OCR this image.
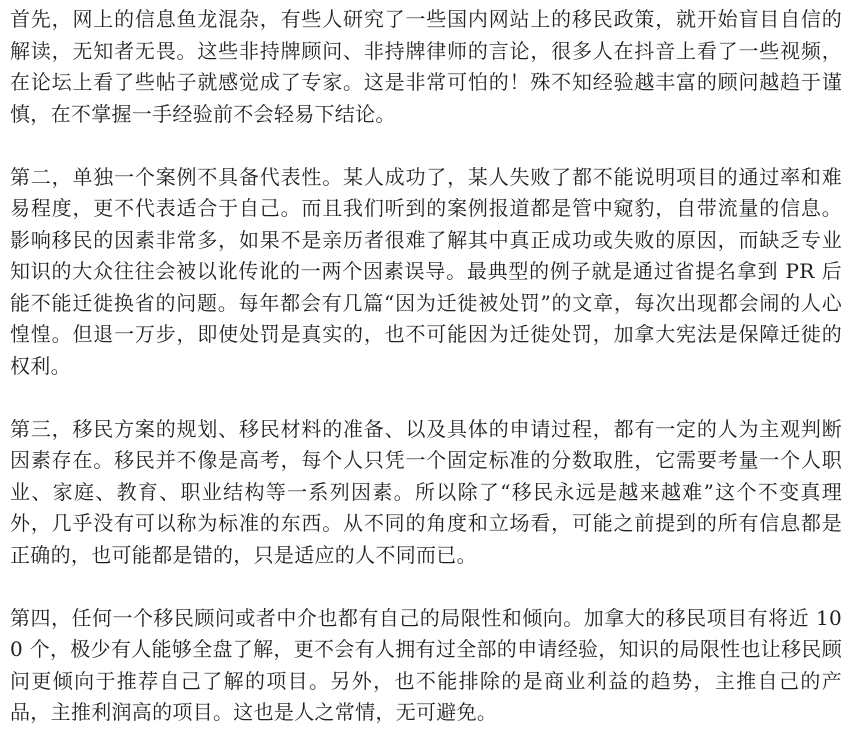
首先，网上的信息鱼龙混杂，有些人研究了一些国内网站上的移民政策，就开始盲目自信的解读，无知者无畏。这些非持牌顾问、非持牌律师的言论，很多人在抖音上看了一些视频，在论坛上看了些帖子就感觉成了专家。这是非常可怕的！殊不知经验越丰富的顾问越趋于谨慎，在不掌握一手经验前不会轻易下结论。

第二，单独一个案例不具备代表性。某人成功了，某人失败了都不能说明项目的通过率和难易程度，更不代表适合于自己。而且我们听到的案例报道都是管中窥豹，自带流量的信息。影响移民的因素非常多，如果不是亲历者很难了解其中真正成功或失败的原因，而缺乏专业知识的大众往往会被以讹传讹的一两个因素误导。最典型的例子就是通过省提名拿到 PR 后能不能迁徙换省的问题。每年都会有几篇“因为迁徙被处罚”的文章，每次出现都会闹的人心惶惶。但退一万步，即使处罚是真实的，也不可能因为迁徙处罚，加拿大宪法是保障迁徙的权利。

第三，移民方案的规划、移民材料的准备、以及具体的申请过程，都有一定的人为主观判断因素存在。移民并不像是高考，每个人只凭一个固定标准的分数取胜，它需要考量一个人职业、家庭、教育、职业结构等一系列因素。所以除了“移民永远是越来越难”这个不变真理外，几乎没有可以称为标准的东西。从不同的角度和立场看，可能之前提到的所有信息都是正确的，也可能都是错的，只是适应的人不同而已。

第四，任何一个移民顾问或者中介也都有自己的局限性和倾向。加拿大的移民项目有将近 100 个，极少有人能够全盘了解，更不会有人拥有过全部的申请经验，知识的局限性也让移民顾问更倾向于推荐自己了解的项目。另外，也不能排除的是商业利益的趋势，主推自己的产品，主推利润高的项目。这也是人之常情，无可避免。
